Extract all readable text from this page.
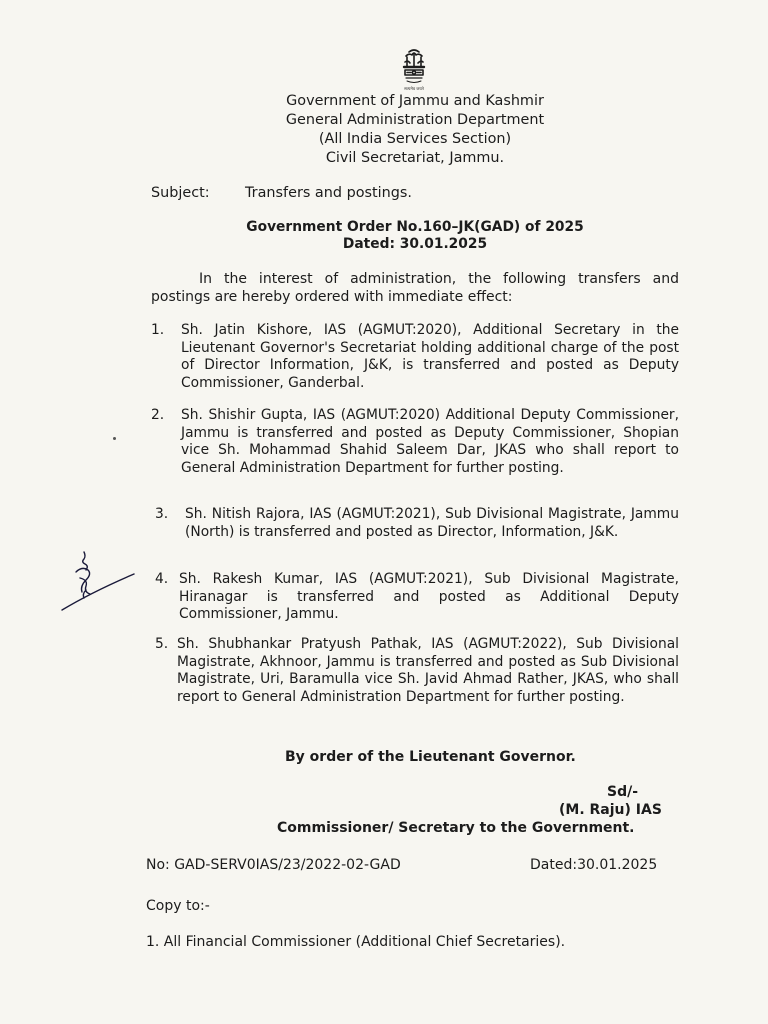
सत्यमेव जयते
Government of Jammu and Kashmir
General Administration Department
(All India Services Section)
Civil Secretariat, Jammu.
Subject: Transfers and postings.
Government Order No.160–JK(GAD) of 2025
Dated: 30.01.2025
In the interest of administration, the following transfers and postings are hereby ordered with immediate effect:
1. Sh. Jatin Kishore, IAS (AGMUT:2020), Additional Secretary in the Lieutenant Governor's Secretariat holding additional charge of the post of Director Information, J&K, is transferred and posted as Deputy Commissioner, Ganderbal.
2. Sh. Shishir Gupta, IAS (AGMUT:2020) Additional Deputy Commissioner, Jammu is transferred and posted as Deputy Commissioner, Shopian vice Sh. Mohammad Shahid Saleem Dar, JKAS who shall report to General Administration Department for further posting.
3. Sh. Nitish Rajora, IAS (AGMUT:2021), Sub Divisional Magistrate, Jammu (North) is transferred and posted as Director, Information, J&K.
4. Sh. Rakesh Kumar, IAS (AGMUT:2021), Sub Divisional Magistrate, Hiranagar is transferred and posted as Additional Deputy Commissioner, Jammu.
5. Sh. Shubhankar Pratyush Pathak, IAS (AGMUT:2022), Sub Divisional Magistrate, Akhnoor, Jammu is transferred and posted as Sub Divisional Magistrate, Uri, Baramulla vice Sh. Javid Ahmad Rather, JKAS, who shall report to General Administration Department for further posting.
By order of the Lieutenant Governor.
Sd/-
(M. Raju) IAS
Commissioner/ Secretary to the Government.
No: GAD-SERV0IAS/23/2022-02-GAD	Dated:30.01.2025
Copy to:-
1. All Financial Commissioner (Additional Chief Secretaries).
